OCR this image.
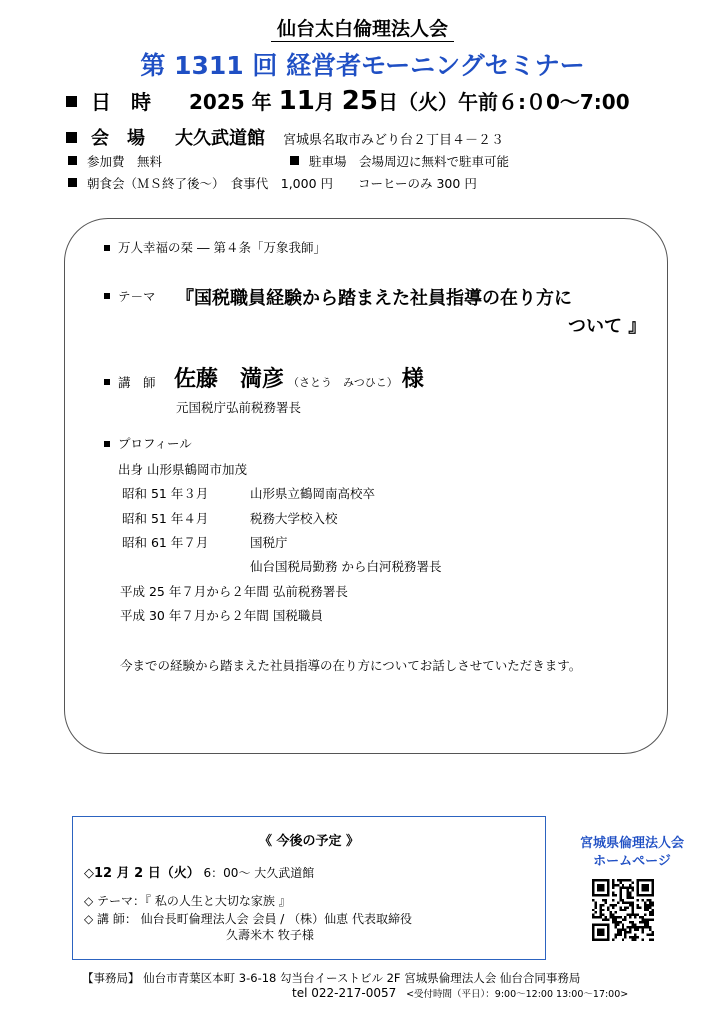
仙台太白倫理法人会
第 1311 回 経営者モーニングセミナー
日　時 2025 年 11月 25日（火）午前６:０0～7:00
会　場 大久武道館 宮城県名取市みどり台２丁目４－２３
参加費　無料	駐車場　会場周辺に無料で駐車可能
朝食会（ＭＳ終了後～）　食事代　1,000 円　　コーヒーのみ 300 円
万人幸福の栞 ― 第４条「万象我師」
テ－マ 『国税職員経験から踏まえた社員指導の在り方に
ついて 』
講　師 佐藤　満彦 （さとう　みつひこ） 様
元国税庁弘前税務署長
プロフィール
出身 山形県鶴岡市加茂
昭和 51 年３月	山形県立鶴岡南高校卒
昭和 51 年４月	税務大学校入校
昭和 61 年７月	国税庁
仙台国税局勤務 から白河税務署長
平成 25 年７月から２年間 弘前税務署長
平成 30 年７月から２年間 国税職員
今までの経験から踏まえた社員指導の在り方についてお話しさせていただきます。
《 今後の予定 》
◇12 月 2 日（火） 6：00～ 大久武道館
◇ テーマ：『 私の人生と大切な家族 』
◇ 講 師： 仙台長町倫理法人会 会員 / （株）仙恵 代表取締役
久壽米木 牧子様
宮城県倫理法人会
ホームページ
【事務局】 仙台市青葉区本町 3-6-18 勾当台イーストビル 2F 宮城県倫理法人会 仙台合同事務局
tel 022-217-0057 <受付時間（平日）：9:00～12:00 13:00～17:00>
